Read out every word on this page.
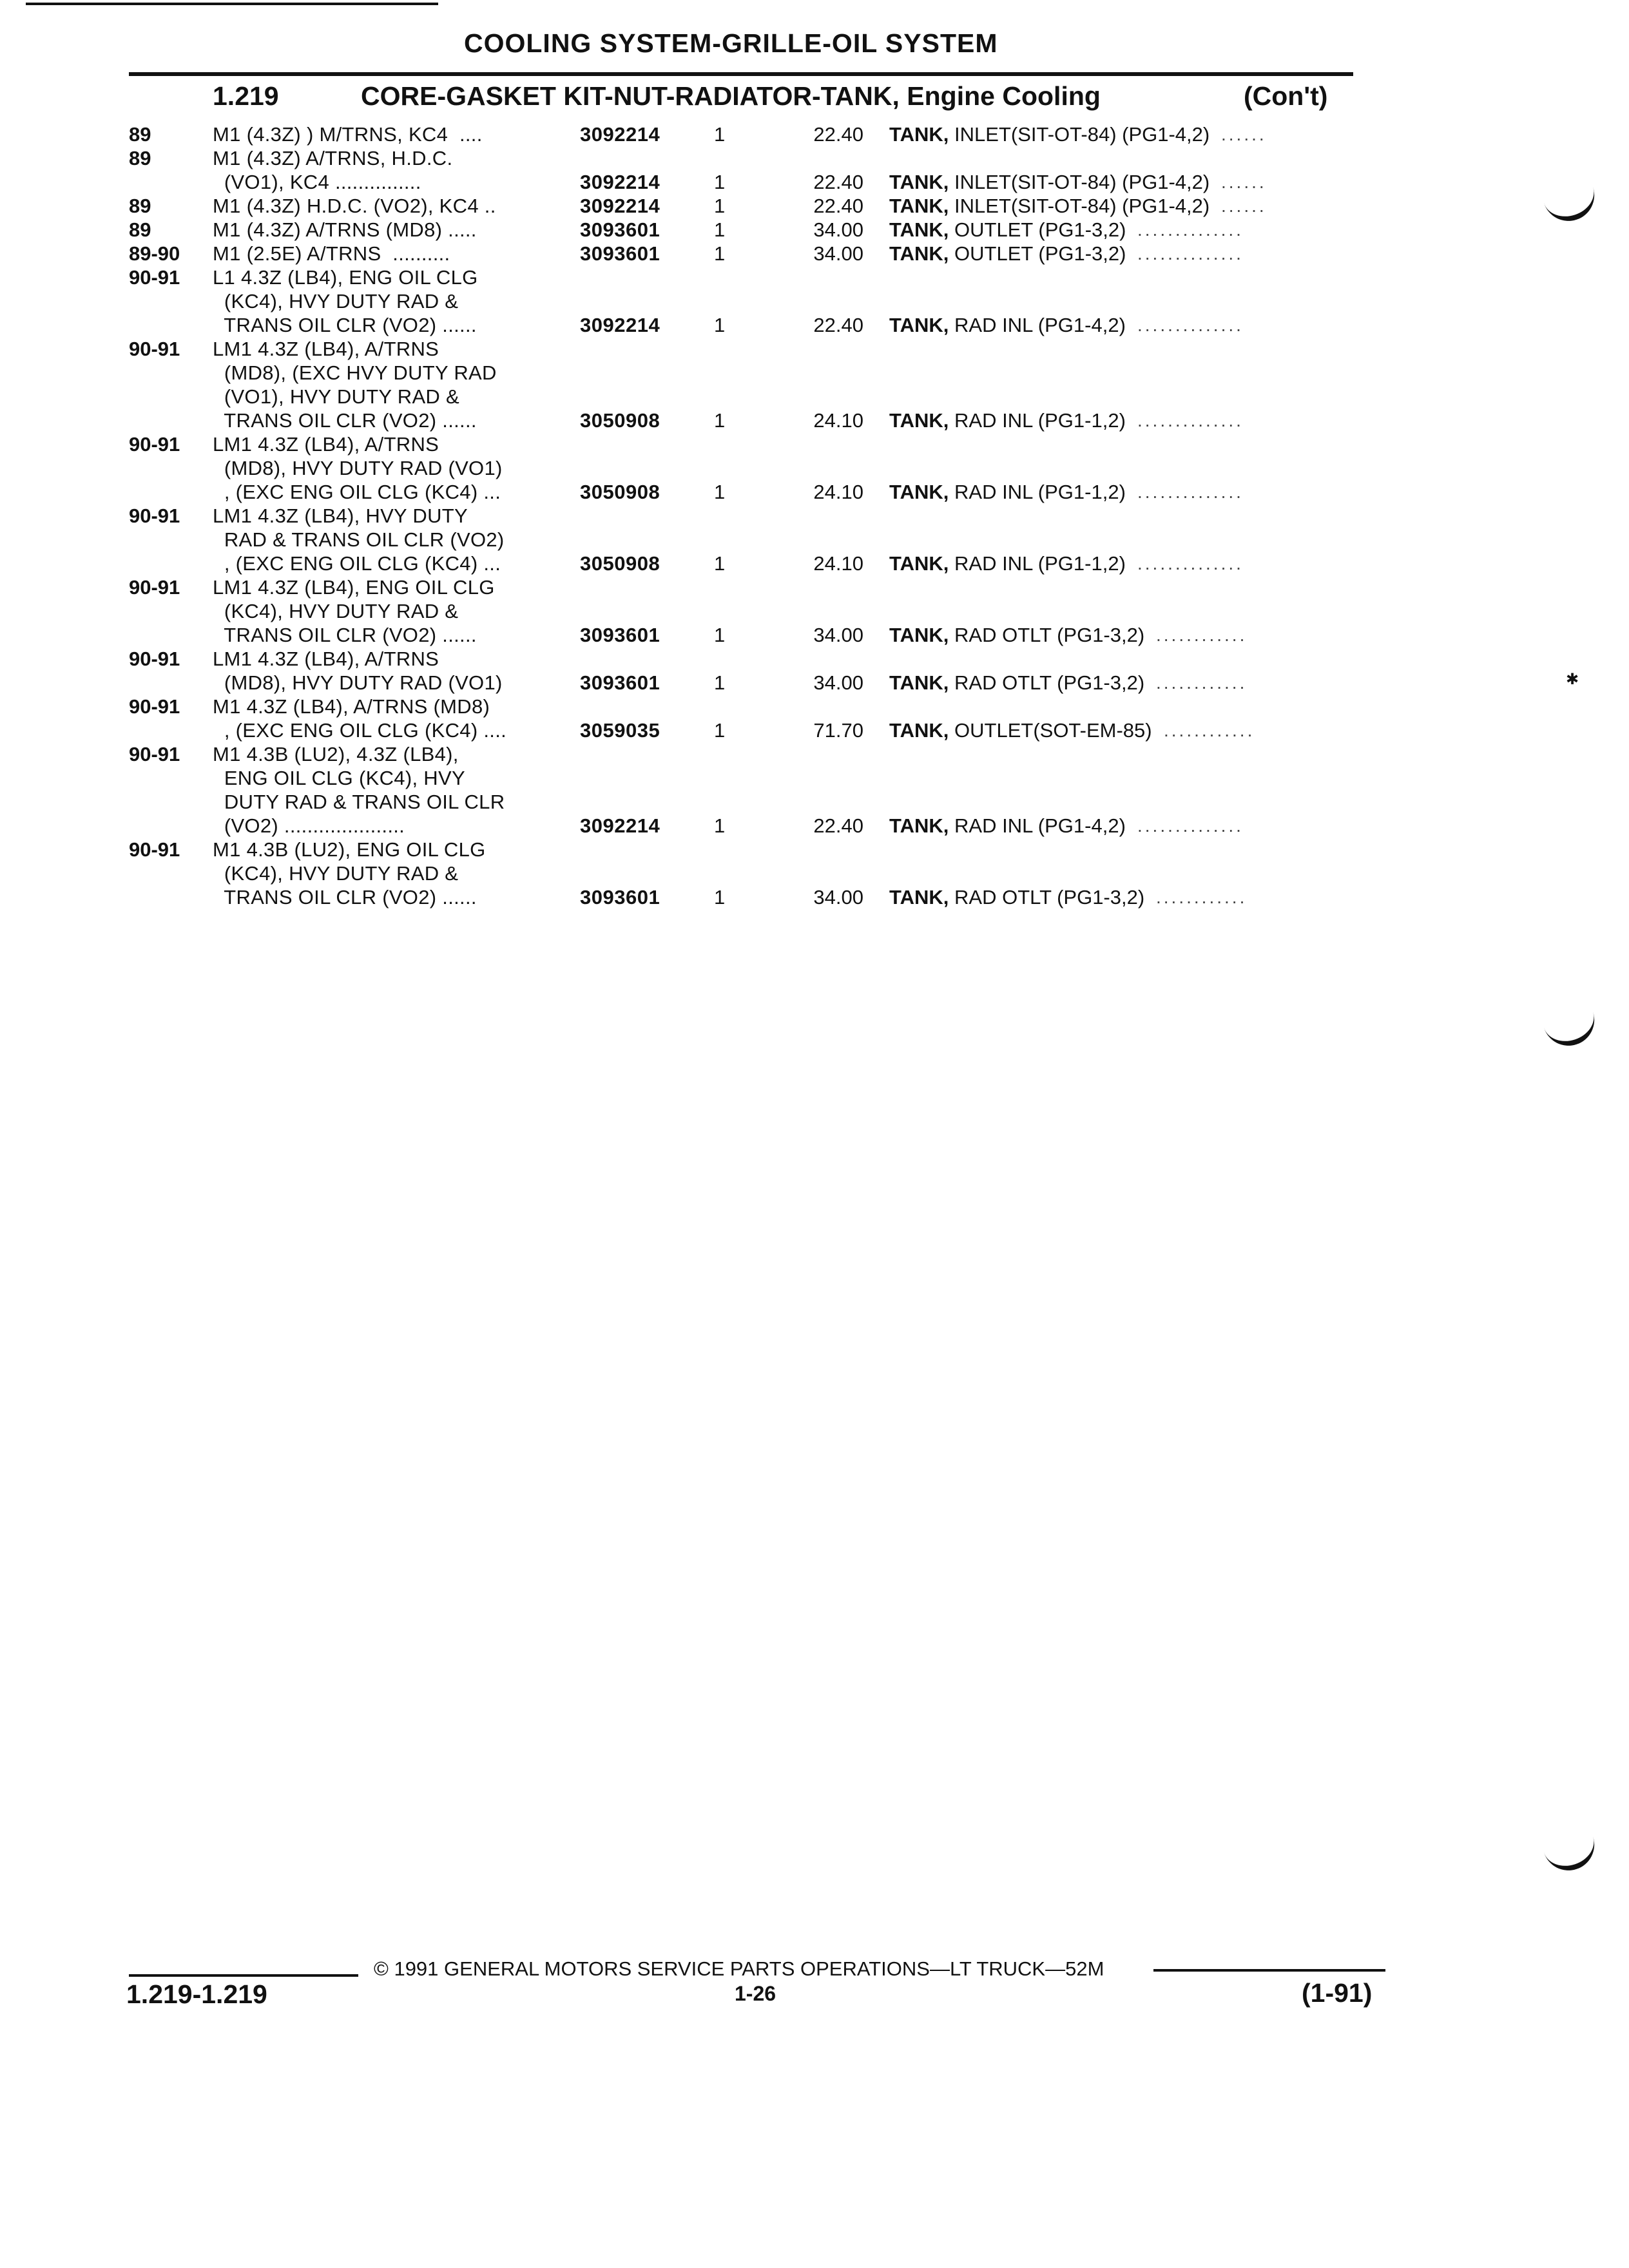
COOLING SYSTEM-GRILLE-OIL SYSTEM
1.219	CORE-GASKET KIT-NUT-RADIATOR-TANK, Engine Cooling	(Con't)
89	M1 (4.3Z) ) M/TRNS, KC4  ....	3092214	1	22.40 TANK, INLET(SIT-OT-84) (PG1-4,2) ......
89	M1 (4.3Z) A/TRNS, H.D.C.
(VO1), KC4 ...............	3092214	1	22.40 TANK, INLET(SIT-OT-84) (PG1-4,2) ......
89	M1 (4.3Z) H.D.C. (VO2), KC4 ..	3092214	1	22.40 TANK, INLET(SIT-OT-84) (PG1-4,2) ......
89	M1 (4.3Z) A/TRNS (MD8) .....	3093601	1	34.00 TANK, OUTLET (PG1-3,2) ..............
89-90 M1 (2.5E) A/TRNS  ..........	3093601	1	34.00 TANK, OUTLET (PG1-3,2) ..............
90-91 L1 4.3Z (LB4), ENG OIL CLG
(KC4), HVY DUTY RAD &
TRANS OIL CLR (VO2) ......	3092214	1	22.40 TANK, RAD INL (PG1-4,2) ..............
90-91 LM1 4.3Z (LB4), A/TRNS
(MD8), (EXC HVY DUTY RAD
(VO1), HVY DUTY RAD &
TRANS OIL CLR (VO2) ......	3050908	1	24.10 TANK, RAD INL (PG1-1,2) ..............
90-91 LM1 4.3Z (LB4), A/TRNS
(MD8), HVY DUTY RAD (VO1)
, (EXC ENG OIL CLG (KC4) ...	3050908	1	24.10 TANK, RAD INL (PG1-1,2) ..............
90-91 LM1 4.3Z (LB4), HVY DUTY
RAD & TRANS OIL CLR (VO2)
, (EXC ENG OIL CLG (KC4) ...	3050908	1	24.10 TANK, RAD INL (PG1-1,2) ..............
90-91 LM1 4.3Z (LB4), ENG OIL CLG
(KC4), HVY DUTY RAD &
TRANS OIL CLR (VO2) ......	3093601	1	34.00 TANK, RAD OTLT (PG1-3,2) ............
90-91 LM1 4.3Z (LB4), A/TRNS
(MD8), HVY DUTY RAD (VO1)	3093601	1	34.00 TANK, RAD OTLT (PG1-3,2) ............
90-91 M1 4.3Z (LB4), A/TRNS (MD8)
, (EXC ENG OIL CLG (KC4) ....	3059035	1	71.70 TANK, OUTLET(SOT-EM-85) ............
90-91 M1 4.3B (LU2), 4.3Z (LB4),
ENG OIL CLG (KC4), HVY
DUTY RAD & TRANS OIL CLR
(VO2) .....................	3092214	1	22.40 TANK, RAD INL (PG1-4,2) ..............
90-91 M1 4.3B (LU2), ENG OIL CLG
(KC4), HVY DUTY RAD &
TRANS OIL CLR (VO2) ......	3093601	1	34.00 TANK, RAD OTLT (PG1-3,2) ............
✱
© 1991 GENERAL MOTORS SERVICE PARTS OPERATIONS—LT TRUCK—52M
1.219-1.219	1-26	(1-91)
